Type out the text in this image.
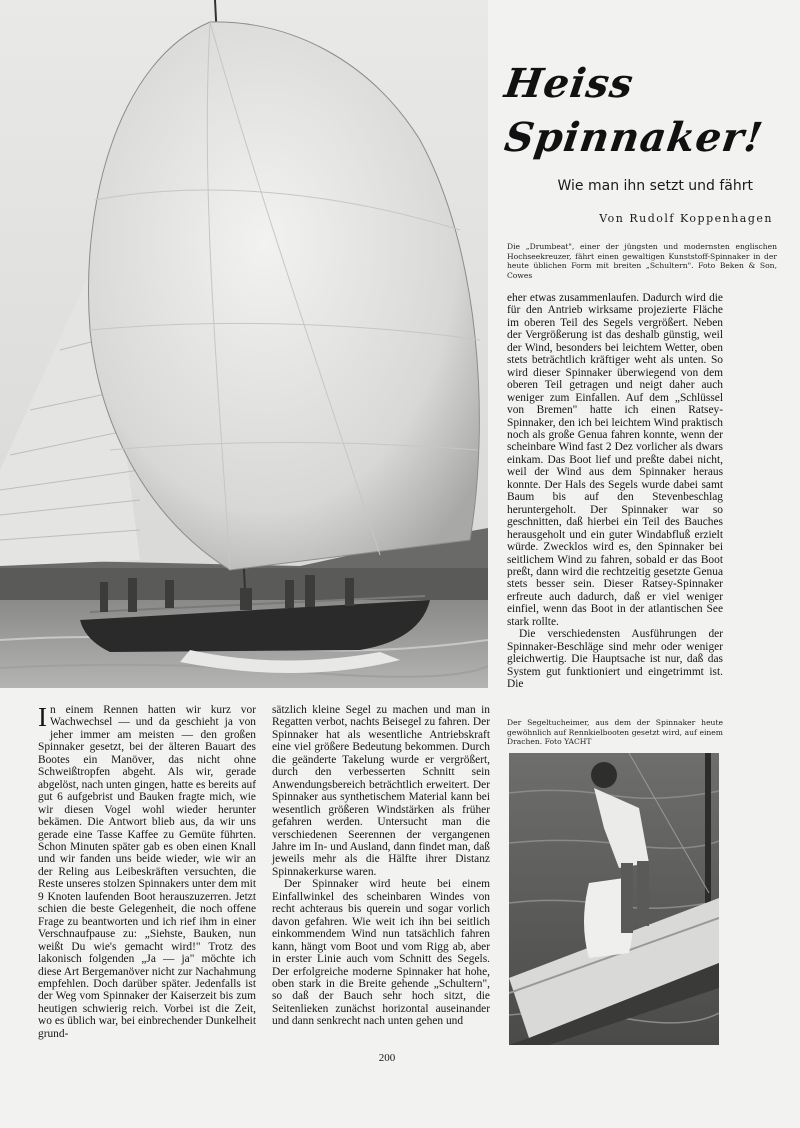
Heiss
Spinnaker!
Wie man ihn setzt und fährt
Von Rudolf Koppenhagen
Die „Drumbeat", einer der jüngsten und modernsten englischen Hochseekreuzer, fährt einen gewaltigen Kunststoff-Spinnaker in der heute üblichen Form mit breiten „Schultern". Foto Beken & Son, Cowes

eher etwas zusammenlaufen. Dadurch wird die für den Antrieb wirksame projezierte Fläche im oberen Teil des Segels vergrößert. Neben der Vergrößerung ist das deshalb günstig, weil der Wind, besonders bei leichtem Wetter, oben stets beträchtlich kräftiger weht als unten. So wird dieser Spinnaker überwiegend von dem oberen Teil getragen und neigt daher auch weniger zum Einfallen. Auf dem „Schlüssel von Bremen" hatte ich einen Ratsey-Spinnaker, den ich bei leichtem Wind praktisch noch als große Genua fahren konnte, wenn der scheinbare Wind fast 2 Dez vorlicher als dwars einkam. Das Boot lief und preßte dabei nicht, weil der Wind aus dem Spinnaker heraus konnte. Der Hals des Segels wurde dabei samt Baum bis auf den Stevenbeschlag heruntergeholt. Der Spinnaker war so geschnitten, daß hierbei ein Teil des Bauches herausgeholt und ein guter Windabfluß erzielt würde. Zwecklos wird es, den Spinnaker bei seitlichem Wind zu fahren, sobald er das Boot preßt, dann wird die rechtzeitig gesetzte Genua stets besser sein. Dieser Ratsey-Spinnaker erfreute auch dadurch, daß er viel weniger einfiel, wenn das Boot in der atlantischen See stark rollte.

Die verschiedensten Ausführungen der Spinnaker-Beschläge sind mehr oder weniger gleichwertig. Die Hauptsache ist nur, daß das System gut funktioniert und eingetrimmt ist. Die

Der Segeltucheimer, aus dem der Spinnaker heute gewöhnlich auf Rennkielbooten gesetzt wird, auf einem Drachen. Foto YACHT

In einem Rennen hatten wir kurz vor Wachwechsel — und da geschieht ja von jeher immer am meisten — den großen Spinnaker gesetzt, bei der älteren Bauart des Bootes ein Manöver, das nicht ohne Schweißtropfen abgeht. Als wir, gerade abgelöst, nach unten gingen, hatte es bereits auf gut 6 aufgebrist und Bauken fragte mich, wie wir diesen Vogel wohl wieder herunter bekämen. Die Antwort blieb aus, da wir uns gerade eine Tasse Kaffee zu Gemüte führten. Schon Minuten später gab es oben einen Knall und wir fanden uns beide wieder, wie wir an der Reling aus Leibeskräften versuchten, die Reste unseres stolzen Spinnakers unter dem mit 9 Knoten laufenden Boot herauszuzerren. Jetzt schien die beste Gelegenheit, die noch offene Frage zu beantworten und ich rief ihm in einer Verschnaufpause zu: „Siehste, Bauken, nun weißt Du wie's gemacht wird!" Trotz des lakonisch folgenden „Ja — ja" möchte ich diese Art Bergemanöver nicht zur Nachahmung empfehlen. Doch darüber später. Jedenfalls ist der Weg vom Spinnaker der Kaiserzeit bis zum heutigen schwierig reich. Vorbei ist die Zeit, wo es üblich war, bei einbrechender Dunkelheit grund-

sätzlich kleine Segel zu machen und man in Regatten verbot, nachts Beisegel zu fahren. Der Spinnaker hat als wesentliche Antriebskraft eine viel größere Bedeutung bekommen. Durch die geänderte Takelung wurde er vergrößert, durch den verbesserten Schnitt sein Anwendungsbereich beträchtlich erweitert. Der Spinnaker aus synthetischem Material kann bei wesentlich größeren Windstärken als früher gefahren werden. Untersucht man die verschiedenen Seerennen der vergangenen Jahre im In- und Ausland, dann findet man, daß jeweils mehr als die Hälfte ihrer Distanz Spinnakerkurse waren.

Der Spinnaker wird heute bei einem Einfallwinkel des scheinbaren Windes von recht achteraus bis querein und sogar vorlich davon gefahren. Wie weit ich ihn bei seitlich einkommendem Wind nun tatsächlich fahren kann, hängt vom Boot und vom Rigg ab, aber in erster Linie auch vom Schnitt des Segels. Der erfolgreiche moderne Spinnaker hat hohe, oben stark in die Breite gehende „Schultern", so daß der Bauch sehr hoch sitzt, die Seitenlieken zunächst horizontal auseinander und dann senkrecht nach unten gehen und

200
